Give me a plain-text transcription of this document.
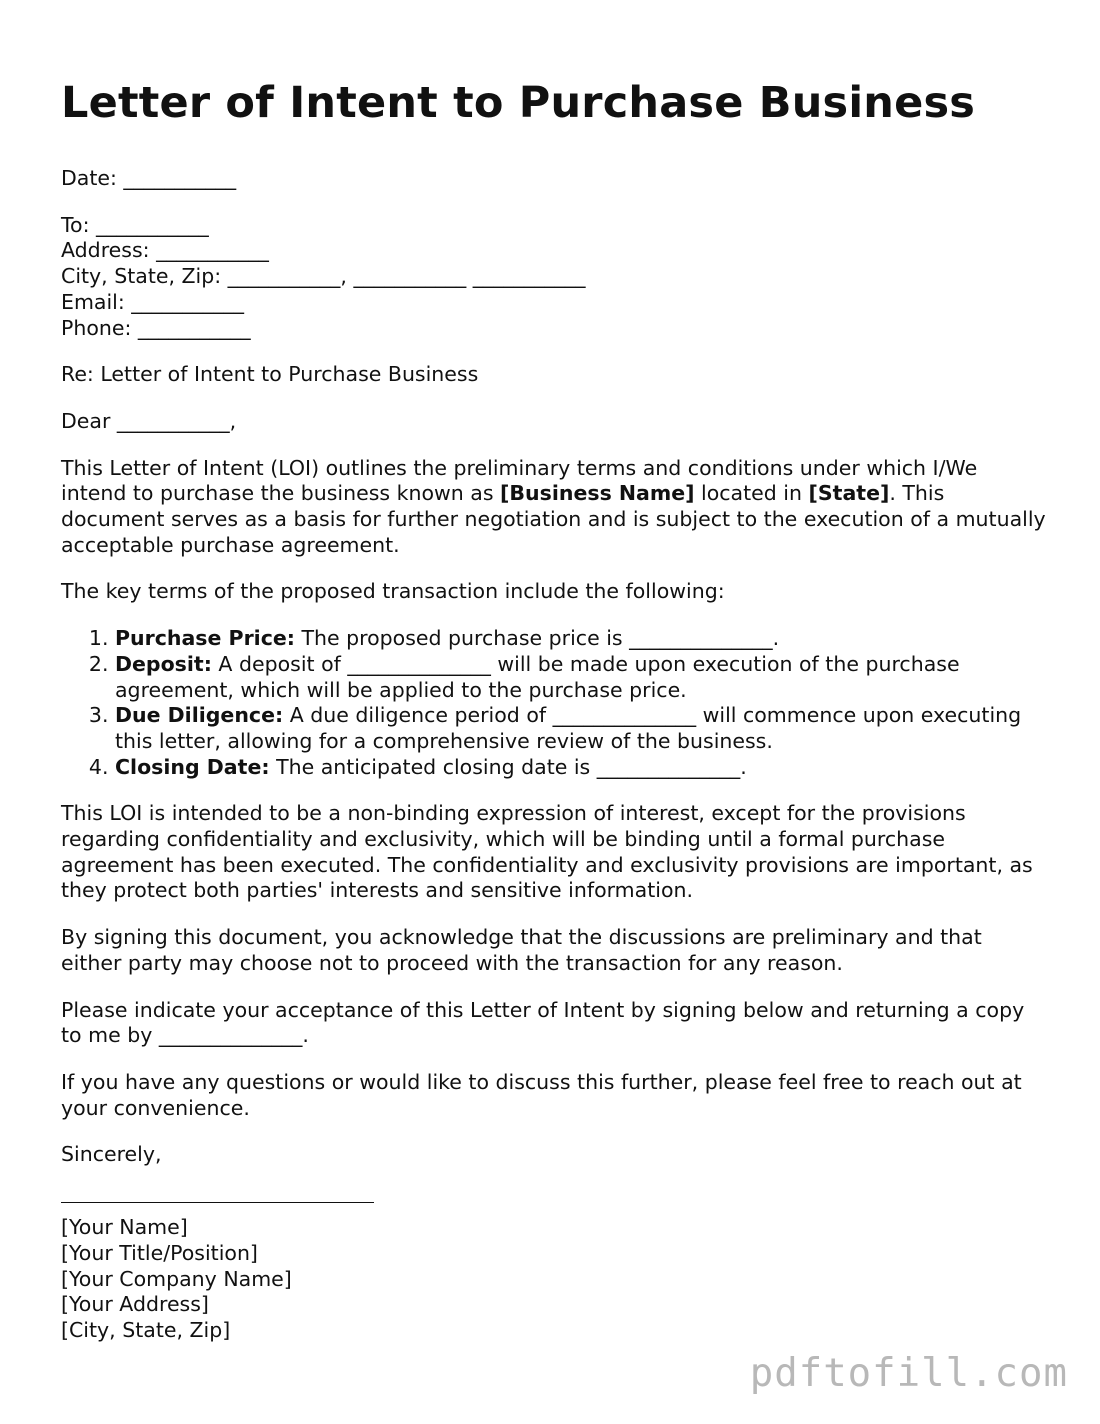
Letter of Intent to Purchase Business

Date: ___________

To: ___________
Address: ___________
City, State, Zip: ___________, ___________ ___________
Email: ___________
Phone: ___________

Re: Letter of Intent to Purchase Business

Dear ___________,

This Letter of Intent (LOI) outlines the preliminary terms and conditions under which I/We intend to purchase the business known as [Business Name] located in [State]. This document serves as a basis for further negotiation and is subject to the execution of a mutually acceptable purchase agreement.

The key terms of the proposed transaction include the following:

1. Purchase Price: The proposed purchase price is ______________.
2. Deposit: A deposit of ______________ will be made upon execution of the purchase agreement, which will be applied to the purchase price.
3. Due Diligence: A due diligence period of ______________ will commence upon executing this letter, allowing for a comprehensive review of the business.
4. Closing Date: The anticipated closing date is ______________.

This LOI is intended to be a non-binding expression of interest, except for the provisions regarding confidentiality and exclusivity, which will be binding until a formal purchase agreement has been executed. The confidentiality and exclusivity provisions are important, as they protect both parties' interests and sensitive information.

By signing this document, you acknowledge that the discussions are preliminary and that either party may choose not to proceed with the transaction for any reason.

Please indicate your acceptance of this Letter of Intent by signing below and returning a copy to me by ______________.

If you have any questions or would like to discuss this further, please feel free to reach out at your convenience.

Sincerely,

[Your Name]
[Your Title/Position]
[Your Company Name]
[Your Address]
[City, State, Zip]
pdftofill.com
